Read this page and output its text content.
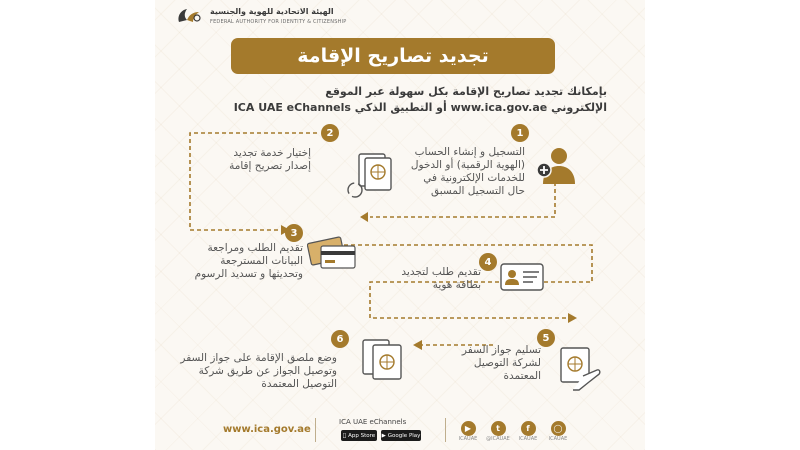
الهيئة الاتحادية للهوية والجنسية
FEDERAL AUTHORITY FOR IDENTITY & CITIZENSHIP
تجديد تصاريح الإقامة
بإمكانك تجديد تصاريح الإقامة بكل سهولة عبر الموقع
الإلكتروني www.ica.gov.ae أو التطبيق الذكي ICA UAE eChannels
1
التسجيل و إنشاء الحساب
(الهوية الرقمية) أو الدخول
للخدمات الإلكترونية في
حال التسجيل المسبق
2
إختيار خدمة تجديد
إصدار تصريح إقامة
3
تقديم الطلب ومراجعة
البيانات المسترجعة
وتحديثها و تسديد الرسوم
4
تقديم طلب لتجديد
بطاقة هوية
5
تسليم جواز السفر
لشركة التوصيل
المعتمدة
6
وضع ملصق الإقامة على جواز السفر
وتوصيل الجواز عن طريق شركة
التوصيل المعتمدة
www.ica.gov.ae
ICA UAE eChannels
App Store ▶ Google Play
▶
ICAUAE
t
@ICAUAE
f
ICAUAE
◯
ICAUAE
